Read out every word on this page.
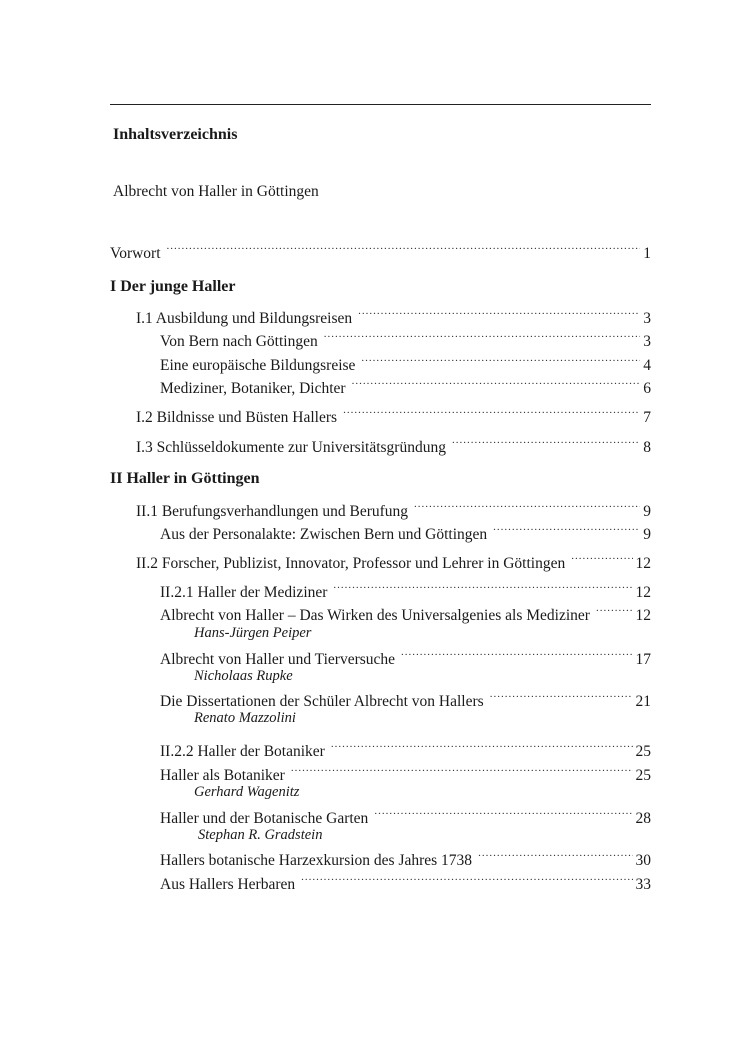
Inhaltsverzeichnis

Albrecht von Haller in Göttingen

Vorwort .....	1
I Der junge Haller
I.1 Ausbildung und Bildungsreisen .....	3
Von Bern nach Göttingen .....	3
Eine europäische Bildungsreise .....	4
Mediziner, Botaniker, Dichter .....	6
I.2 Bildnisse und Büsten Hallers .....	7
I.3 Schlüsseldokumente zur Universitätsgründung .....	8
II Haller in Göttingen
II.1 Berufungsverhandlungen und Berufung .....	9
Aus der Personalakte: Zwischen Bern und Göttingen .....	9
II.2 Forscher, Publizist, Innovator, Professor und Lehrer in Göttingen .....	12
II.2.1 Haller der Mediziner .....	12
Albrecht von Haller – Das Wirken des Universalgenies als Mediziner .....	12
Hans-Jürgen Peiper
Albrecht von Haller und Tierversuche .....	17
Nicholaas Rupke
Die Dissertationen der Schüler Albrecht von Hallers .....	21
Renato Mazzolini
II.2.2 Haller der Botaniker .....	25
Haller als Botaniker .....	25
Gerhard Wagenitz
Haller und der Botanische Garten .....	28
Stephan R. Gradstein
Hallers botanische Harzexkursion des Jahres 1738 .....	30
Aus Hallers Herbaren .....	33
